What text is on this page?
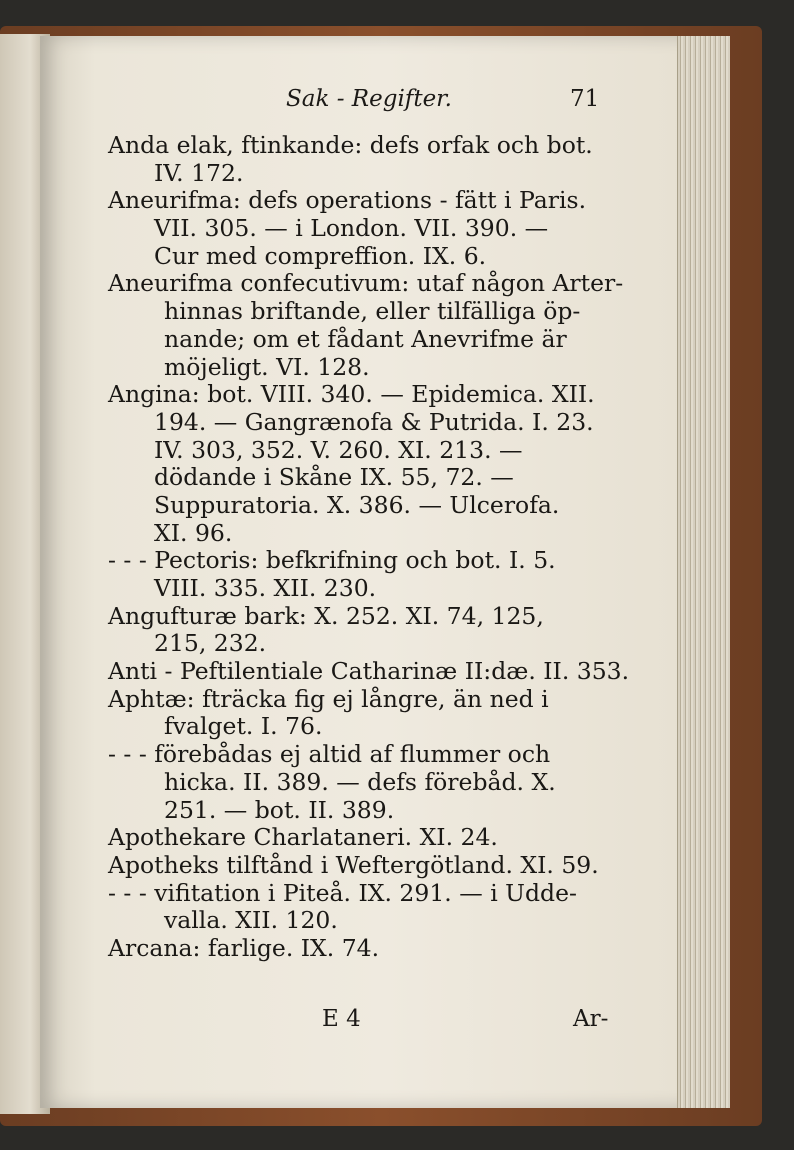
Sak - Regifter.	71
Anda elak, ftinkande: defs orfak och bot.
IV. 172.
Aneurifma: defs operations - fätt i Paris.
VII. 305. — i London. VII. 390. —
Cur med compreffion. IX. 6.
Aneurifma confecutivum: utaf någon Arter-
hinnas briftande, eller tilfälliga öp-
nande; om et fådant Anevrifme är
möjeligt. VI. 128.
Angina: bot. VIII. 340. — Epidemica. XII.
194. — Gangrænofa & Putrida. I. 23.
IV. 303, 352. V. 260. XI. 213. —
dödande i Skåne IX. 55, 72. —
Suppuratoria. X. 386. — Ulcerofa.
XI. 96.
- - - Pectoris: befkrifning och bot. I. 5.
VIII. 335. XII. 230.
Angufturæ bark: X. 252. XI. 74, 125,
215, 232.
Anti - Peftilentiale Catharinæ II:dæ. II. 353.
Aphtæ: fträcka fig ej långre, än ned i
fvalget. I. 76.
- - - förebådas ej altid af flummer och
hicka. II. 389. — defs förebåd. X.
251. — bot. II. 389.
Apothekare Charlataneri. XI. 24.
Apotheks tilftånd i Weftergötland. XI. 59.
- - - vifitation i Piteå. IX. 291. — i Udde-
valla. XII. 120.
Arcana: farlige. IX. 74.
E 4	Ar-
